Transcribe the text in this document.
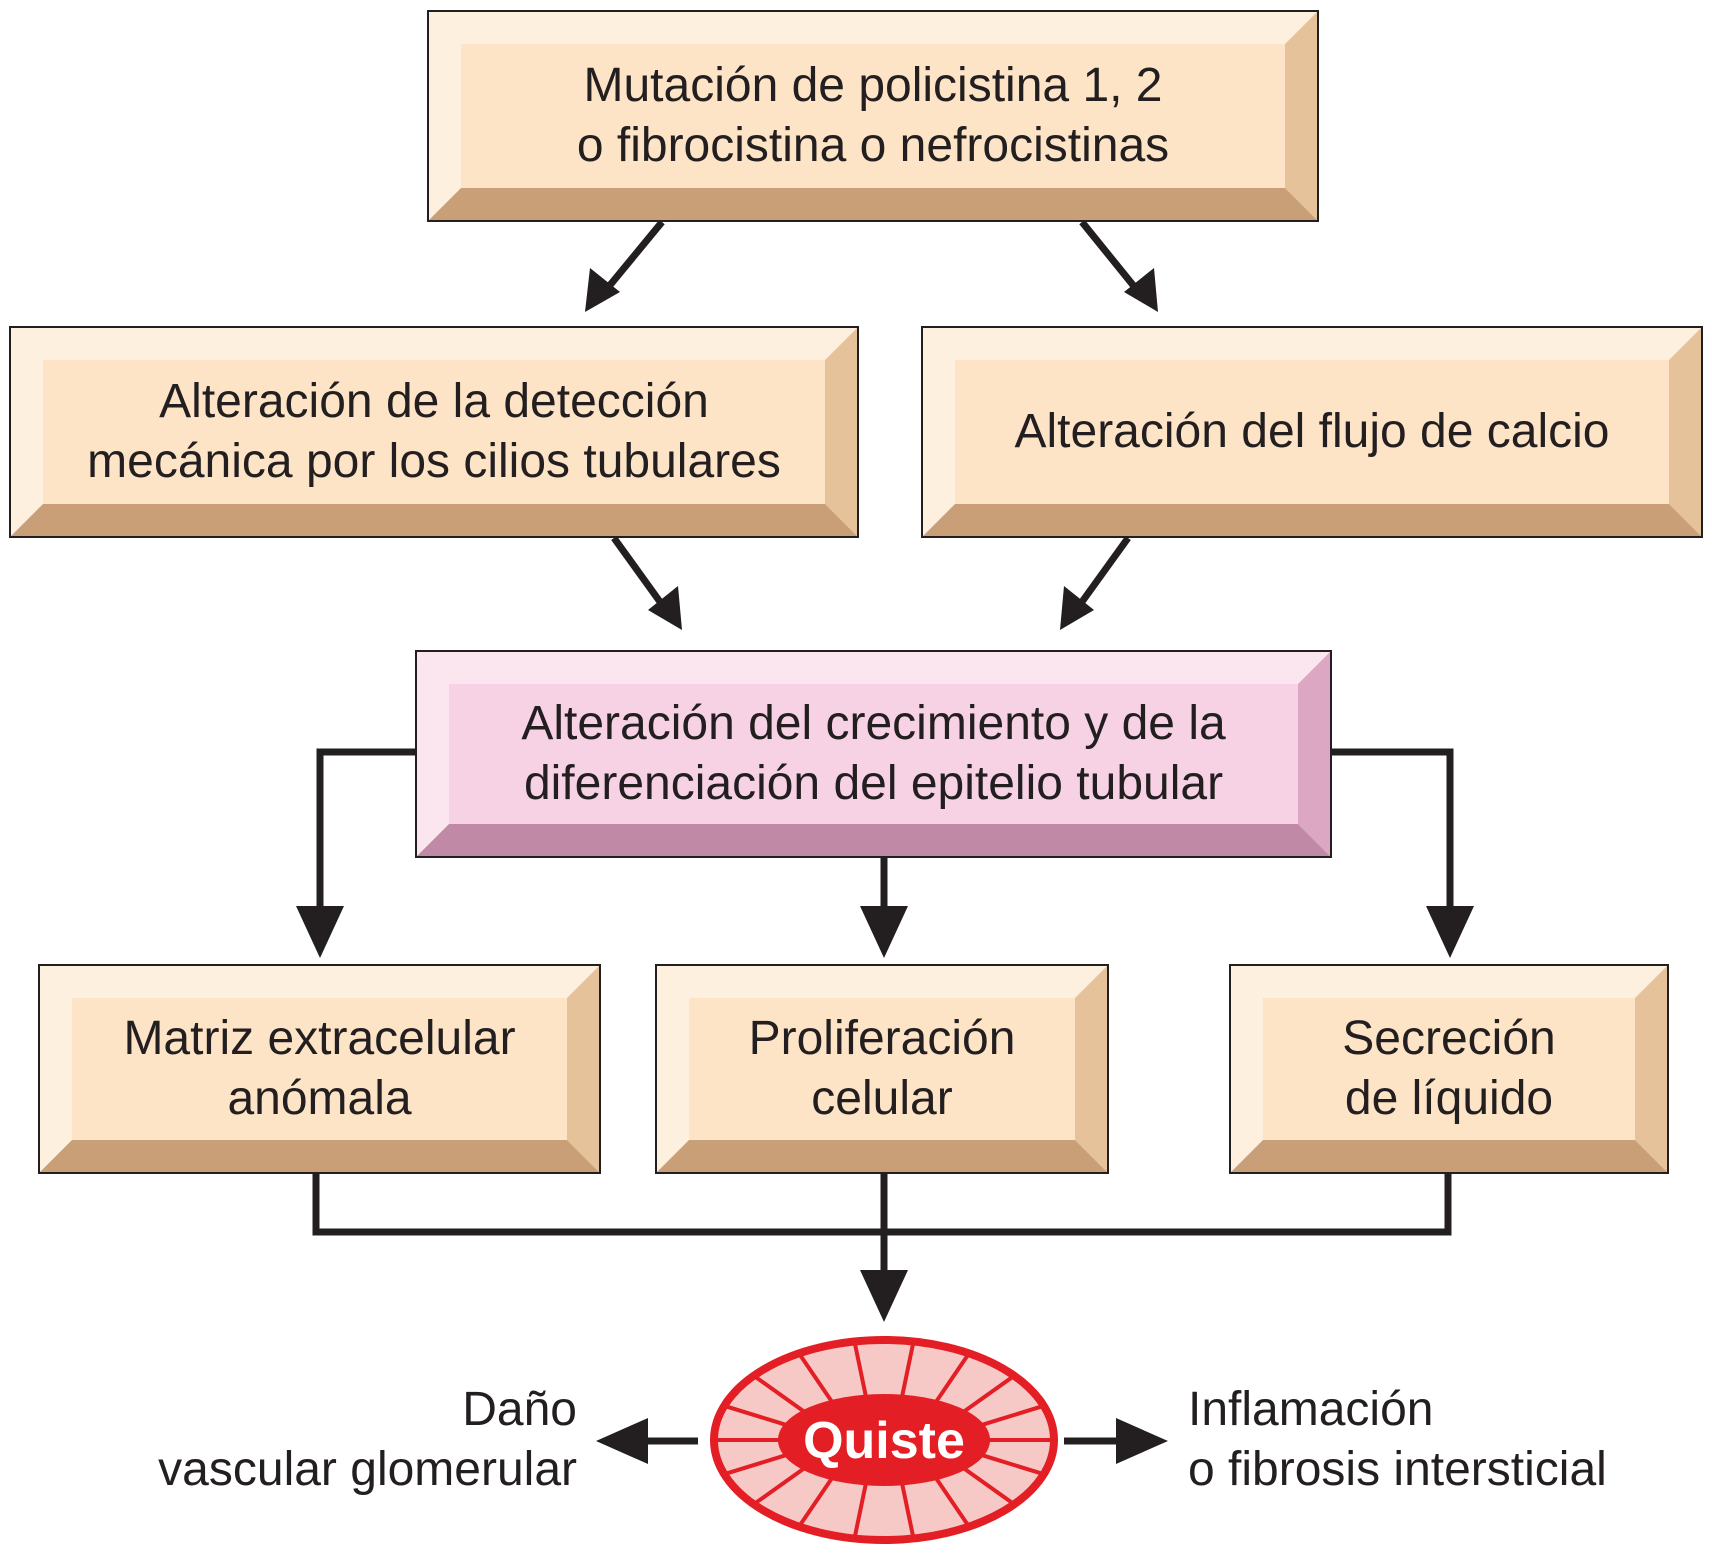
Mutación de policistina 1, 2
o fibrocistina o nefrocistinas
Alteración de la detección
mecánica por los cilios tubulares
Alteración del flujo de calcio
Alteración del crecimiento y de la
diferenciación del epitelio tubular
Matriz extracelular
anómala
Proliferación
celular
Secreción
de líquido
Quiste
Daño
vascular glomerular
Inflamación
o fibrosis intersticial
